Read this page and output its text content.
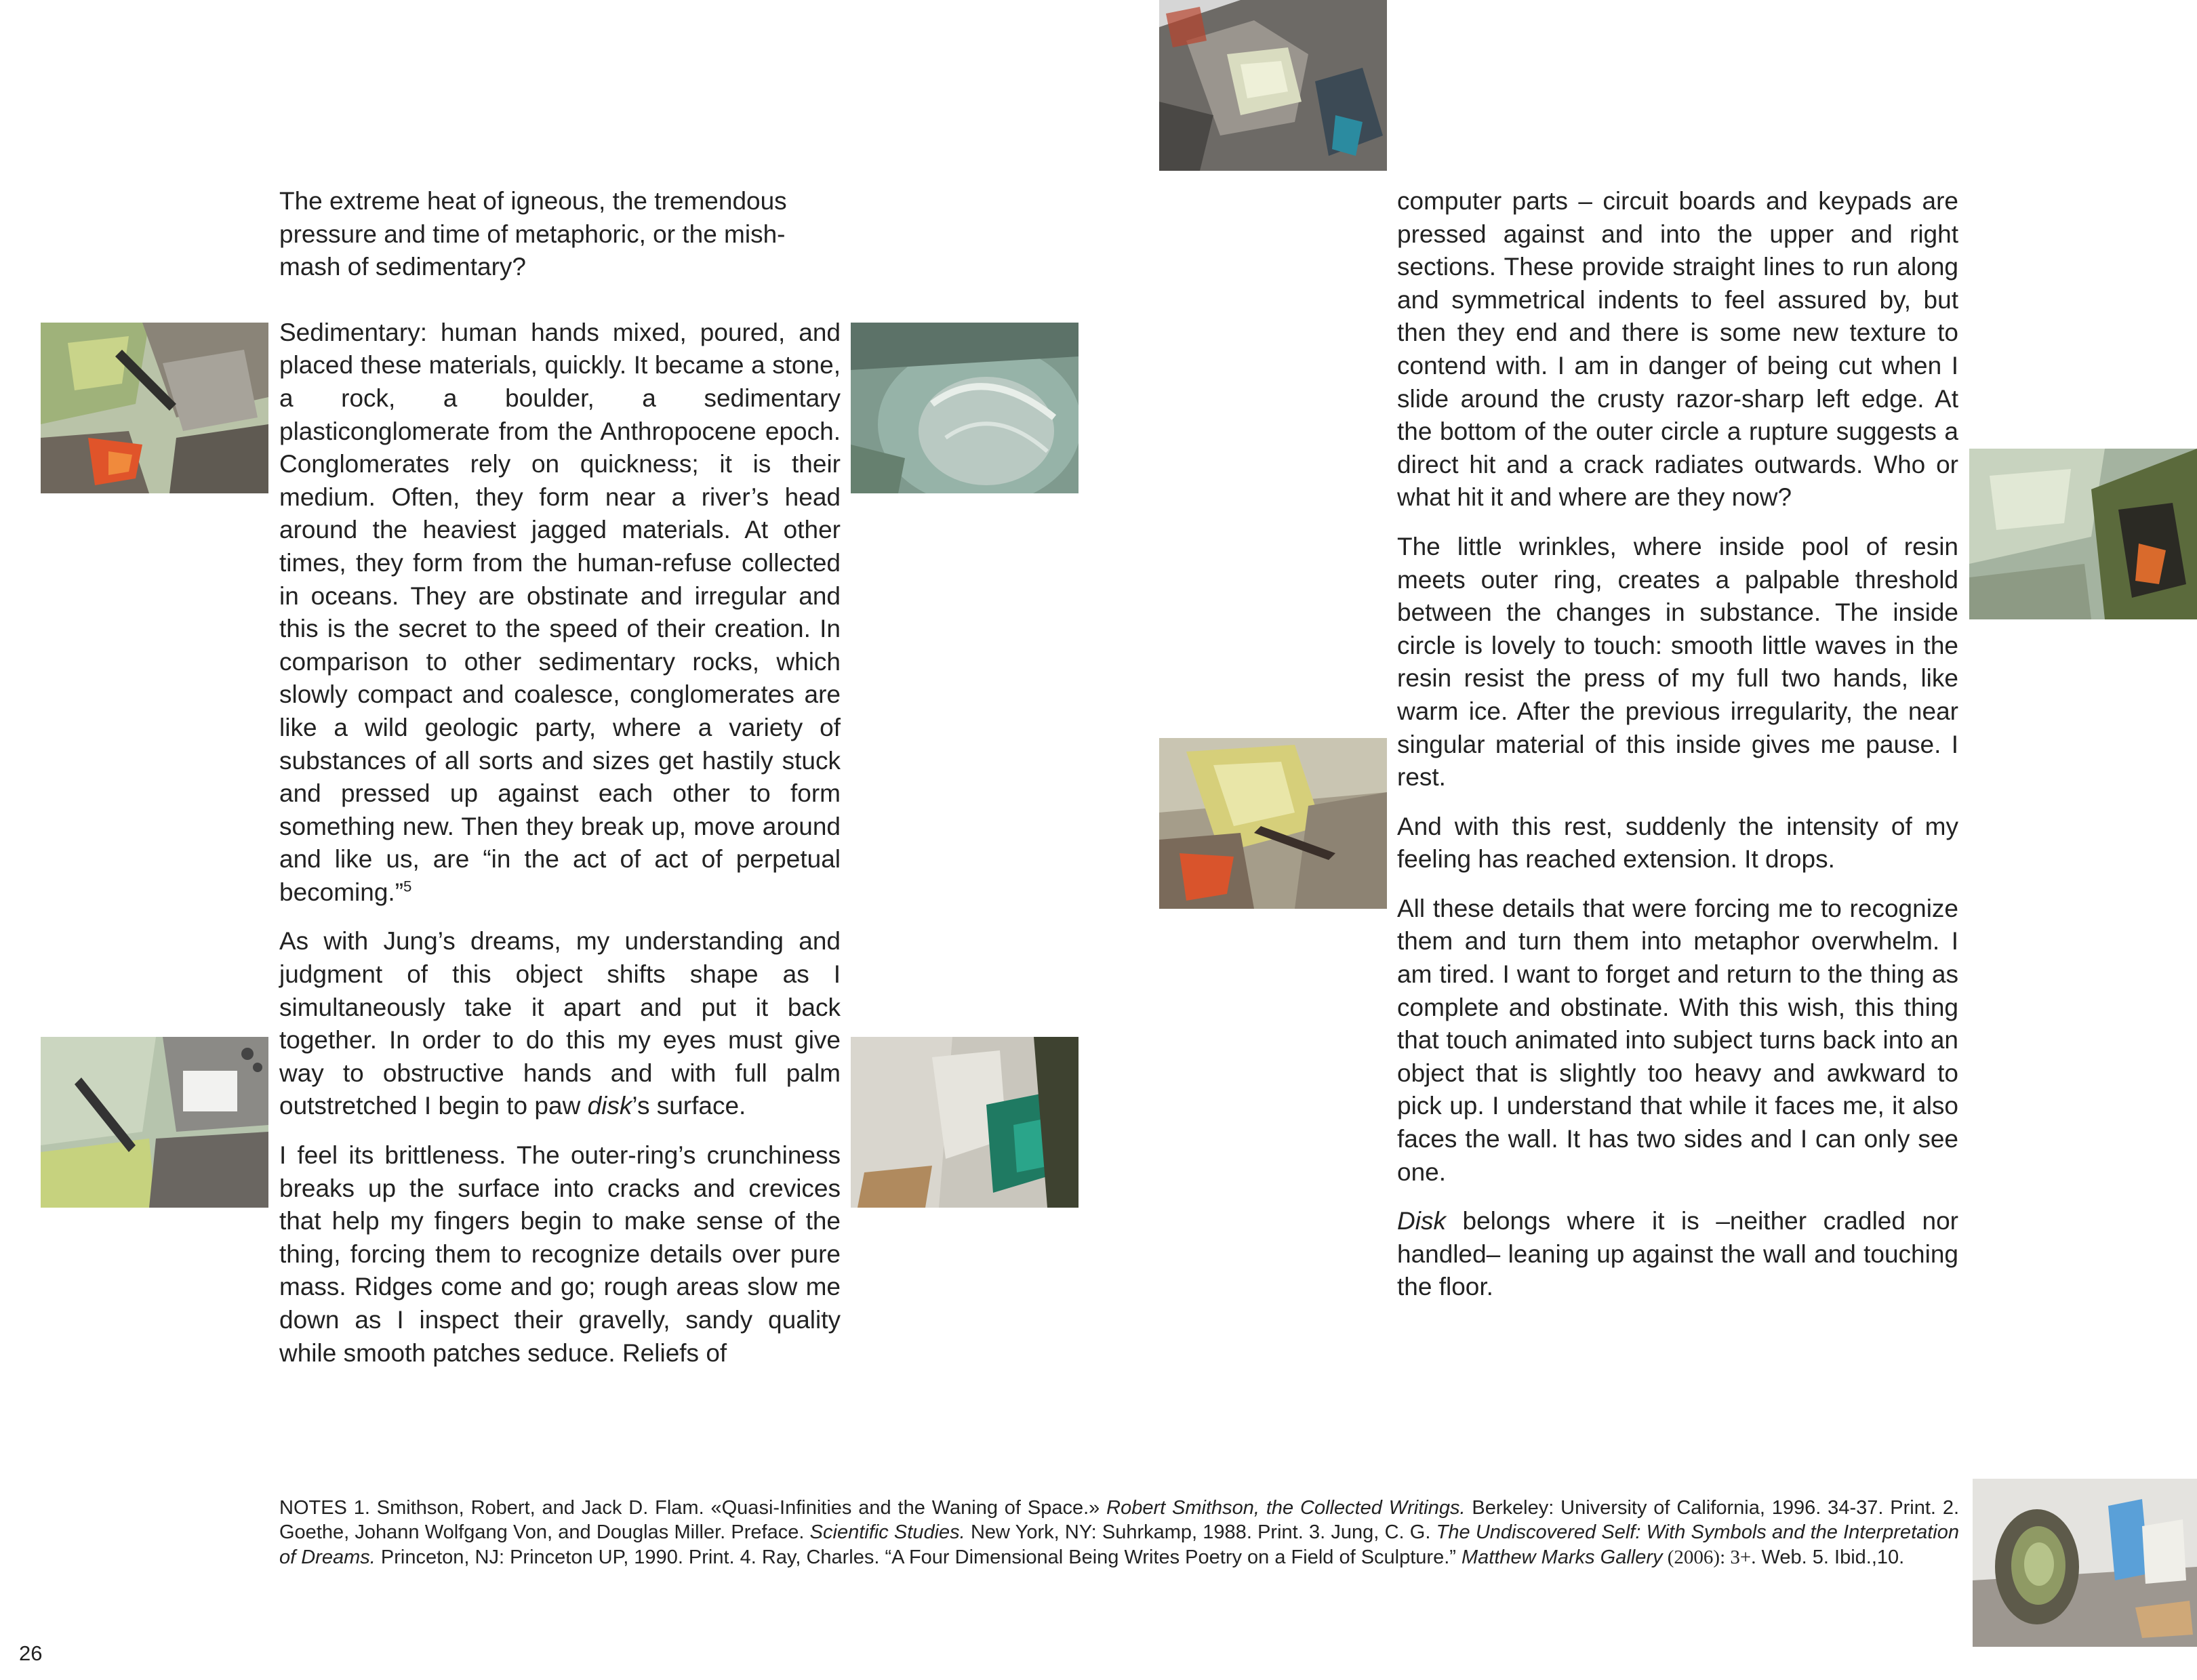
The extreme heat of igneous, the tremendous pressure and time of metaphoric, or the mish-mash of sedimentary?

Sedimentary: human hands mixed, poured, and placed these materials, quickly. It became a stone, a rock, a boulder, a sedimentary plasticonglomerate from the Anthropocene epoch. Conglomerates rely on quickness; it is their medium. Often, they form near a river’s head around the heaviest jagged materials. At other times, they form from the human-refuse collected in oceans. They are obstinate and irregular and this is the secret to the speed of their creation. In comparison to other sedimentary rocks, which slowly compact and coalesce, conglomerates are like a wild geologic party, where a variety of substances of all sorts and sizes get hastily stuck and pressed up against each other to form something new. Then they break up, move around and like us, are “in the act of act of perpetual becoming.”$^5$

As with Jung’s dreams, my understanding and judgment of this object shifts shape as I simultaneously take it apart and put it back together. In order to do this my eyes must give way to obstructive hands and with full palm outstretched I begin to paw disk’s surface.

I feel its brittleness. The outer-ring’s crunchiness breaks up the surface into cracks and crevices that help my fingers begin to make sense of the thing, forcing them to recognize details over pure mass. Ridges come and go; rough areas slow me down as I inspect their gravelly, sandy quality while smooth patches seduce. Reliefs of

computer parts – circuit boards and keypads are pressed against and into the upper and right sections. These provide straight lines to run along and symmetrical indents to feel assured by, but then they end and there is some new texture to contend with. I am in danger of being cut when I slide around the crusty razor-sharp left edge. At the bottom of the outer circle a rupture suggests a direct hit and a crack radiates outwards. Who or what hit it and where are they now?

The little wrinkles, where inside pool of resin meets outer ring, creates a palpable threshold between the changes in substance. The inside circle is lovely to touch: smooth little waves in the resin resist the press of my full two hands, like warm ice. After the previous irregularity, the near singular material of this inside gives me pause. I rest.

And with this rest, suddenly the intensity of my feeling has reached extension. It drops.

All these details that were forcing me to recognize them and turn them into metaphor overwhelm. I am tired. I want to forget and return to the thing as complete and obstinate. With this wish, this thing that touch animated into subject turns back into an object that is slightly too heavy and awkward to pick up. I understand that while it faces me, it also faces the wall. It has two sides and I can only see one.

Disk belongs where it is –neither cradled nor handled– leaning up against the wall and touching the floor.

NOTES 1. Smithson, Robert, and Jack D. Flam. «Quasi-Infinities and the Waning of Space.» Robert Smithson, the Collected Writings. Berkeley: University of California, 1996. 34-37. Print. 2. Goethe, Johann Wolfgang Von, and Douglas Miller. Preface. Scientific Studies. New York, NY: Suhrkamp, 1988. Print. 3. Jung, C. G. The Undiscovered Self: With Symbols and the Interpretation of Dreams. Princeton, NJ: Princeton UP, 1990. Print. 4. Ray, Charles. “A Four Dimensional Being Writes Poetry on a Field of Sculpture.” Matthew Marks Gallery (2006): 3+. Web. 5. Ibid.,10.
26
